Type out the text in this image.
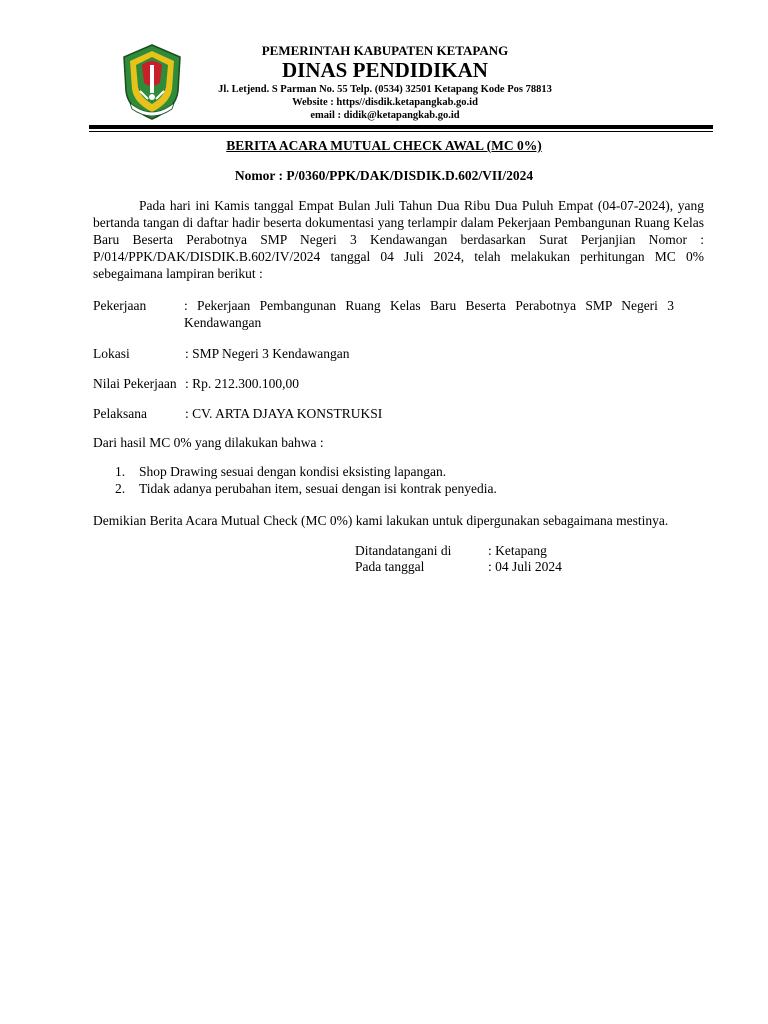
PEMERINTAH KABUPATEN KETAPANG
DINAS PENDIDIKAN
Jl. Letjend. S Parman No. 55 Telp. (0534) 32501 Ketapang Kode Pos 78813
Website : https//disdik.ketapangkab.go.id
email : didik@ketapangkab.go.id
BERITA ACARA MUTUAL CHECK AWAL (MC 0%)
Nomor : P/0360/PPK/DAK/DISDIK.D.602/VII/2024
Pada hari ini Kamis tanggal Empat Bulan Juli Tahun Dua Ribu Dua Puluh Empat (04-07-2024), yang bertanda tangan di daftar hadir beserta dokumentasi yang terlampir dalam Pekerjaan Pembangunan Ruang Kelas Baru Beserta Perabotnya SMP Negeri 3 Kendawangan berdasarkan Surat Perjanjian Nomor : P/014/PPK/DAK/DISDIK.B.602/IV/2024 tanggal 04 Juli 2024, telah melakukan perhitungan MC 0% sebegaimana lampiran berikut :
Pekerjaan	: Pekerjaan Pembangunan Ruang Kelas Baru Beserta Perabotnya SMP Negeri 3 Kendawangan
Lokasi	: SMP Negeri 3 Kendawangan
Nilai Pekerjaan : Rp. 212.300.100,00
Pelaksana	: CV. ARTA DJAYA KONSTRUKSI
Dari hasil MC 0% yang dilakukan bahwa :
1. Shop Drawing sesuai dengan kondisi eksisting lapangan.
2. Tidak adanya perubahan item, sesuai dengan isi kontrak penyedia.
Demikian Berita Acara Mutual Check (MC 0%) kami lakukan untuk dipergunakan sebagaimana mestinya.
Ditandatangani di	: Ketapang
Pada tanggal	: 04 Juli 2024
